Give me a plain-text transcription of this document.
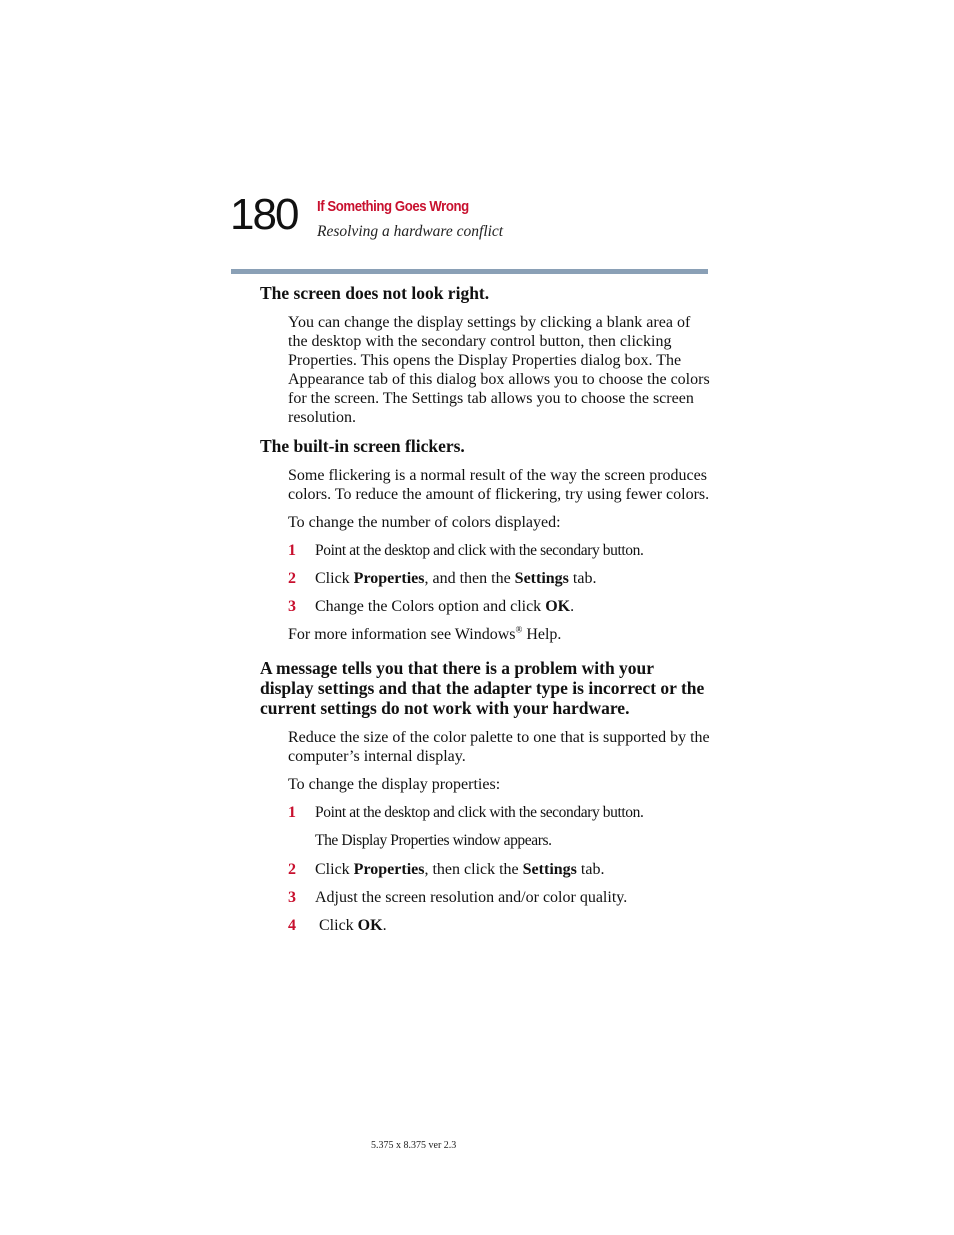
180 If Something Goes Wrong
Resolving a hardware conflict
The screen does not look right.
You can change the display settings by clicking a blank area of the desktop with the secondary control button, then clicking Properties. This opens the Display Properties dialog box. The Appearance tab of this dialog box allows you to choose the colors for the screen. The Settings tab allows you to choose the screen resolution.
The built-in screen flickers.
Some flickering is a normal result of the way the screen produces colors. To reduce the amount of flickering, try using fewer colors.
To change the number of colors displayed:
1 Point at the desktop and click with the secondary button.
2 Click Properties, and then the Settings tab.
3 Change the Colors option and click OK.
For more information see Windows® Help.
A message tells you that there is a problem with your display settings and that the adapter type is incorrect or the current settings do not work with your hardware.
Reduce the size of the color palette to one that is supported by the computer’s internal display.
To change the display properties:
1 Point at the desktop and click with the secondary button.
The Display Properties window appears.
2 Click Properties, then click the Settings tab.
3 Adjust the screen resolution and/or color quality.
4 Click OK.
5.375 x 8.375 ver 2.3
